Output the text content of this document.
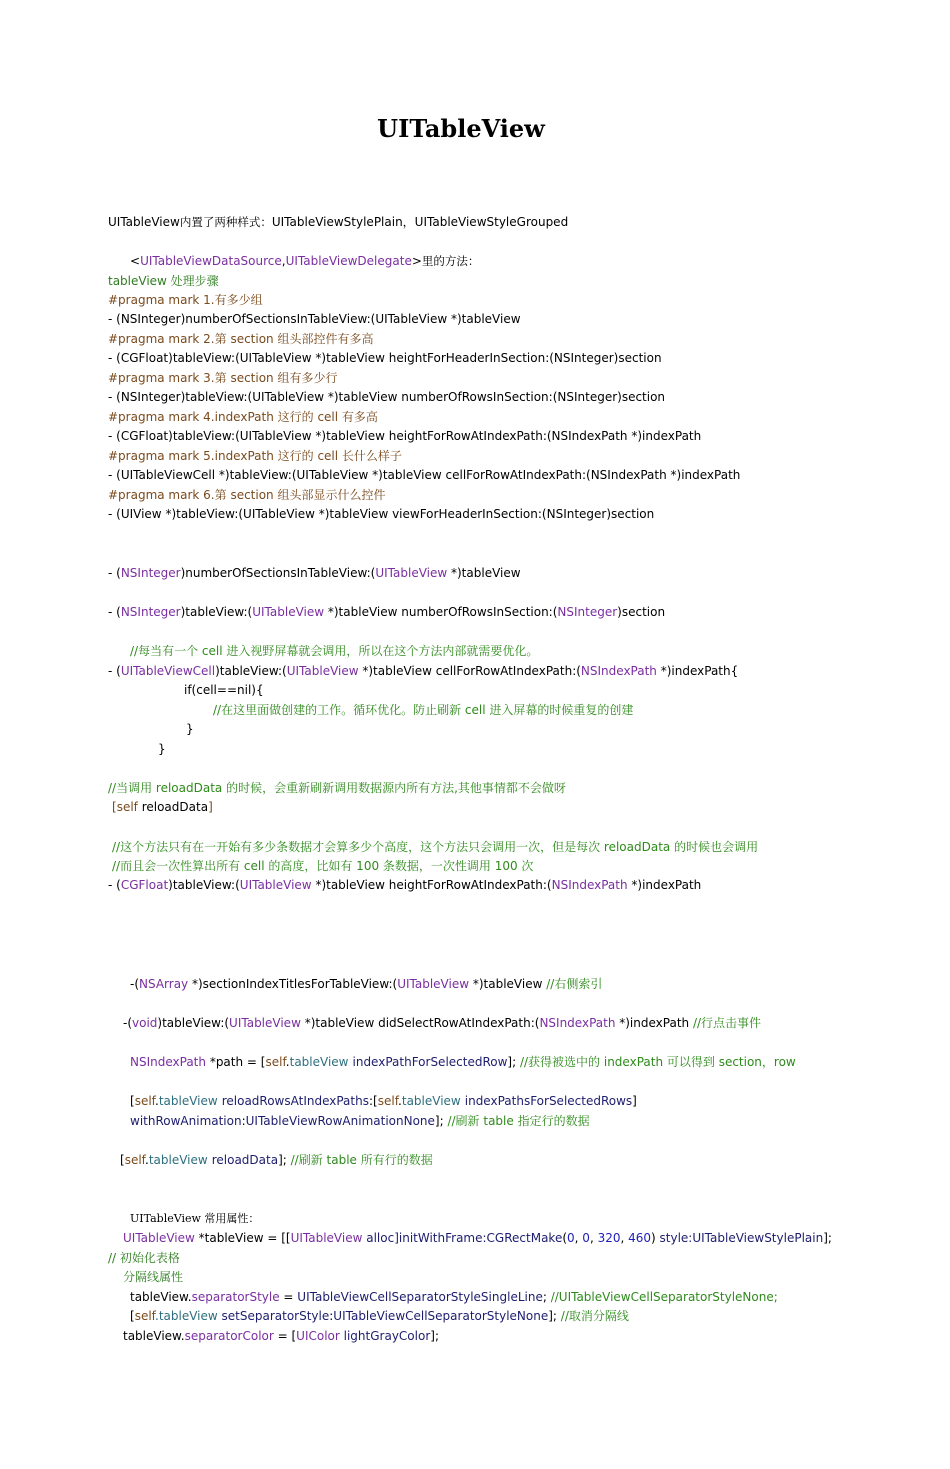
UITableView
UITableView内置了两种样式：UITableViewStylePlain，UITableViewStyleGrouped
<UITableViewDataSource,UITableViewDelegate>里的方法：
tableView 处理步骤
#pragma mark 1.有多少组
- (NSInteger)numberOfSectionsInTableView:(UITableView *)tableView
#pragma mark 2.第 section 组头部控件有多高
- (CGFloat)tableView:(UITableView *)tableView heightForHeaderInSection:(NSInteger)section
#pragma mark 3.第 section 组有多少行
- (NSInteger)tableView:(UITableView *)tableView numberOfRowsInSection:(NSInteger)section
#pragma mark 4.indexPath 这行的 cell 有多高
- (CGFloat)tableView:(UITableView *)tableView heightForRowAtIndexPath:(NSIndexPath *)indexPath
#pragma mark 5.indexPath 这行的 cell 长什么样子
- (UITableViewCell *)tableView:(UITableView *)tableView cellForRowAtIndexPath:(NSIndexPath *)indexPath
#pragma mark 6.第 section 组头部显示什么控件
- (UIView *)tableView:(UITableView *)tableView viewForHeaderInSection:(NSInteger)section
- (NSInteger)numberOfSectionsInTableView:(UITableView *)tableView
- (NSInteger)tableView:(UITableView *)tableView numberOfRowsInSection:(NSInteger)section
//每当有一个 cell 进入视野屏幕就会调用，所以在这个方法内部就需要优化。
- (UITableViewCell)tableView:(UITableView *)tableView cellForRowAtIndexPath:(NSIndexPath *)indexPath{
if(cell==nil){
//在这里面做创建的工作。循环优化。防止刷新 cell 进入屏幕的时候重复的创建
}
}
//当调用 reloadData 的时候，会重新刷新调用数据源内所有方法,其他事情都不会做呀
[self reloadData]
//这个方法只有在一开始有多少条数据才会算多少个高度，这个方法只会调用一次，但是每次 reloadData 的时候也会调用
//而且会一次性算出所有 cell 的高度，比如有 100 条数据，一次性调用 100 次
- (CGFloat)tableView:(UITableView *)tableView heightForRowAtIndexPath:(NSIndexPath *)indexPath
-(NSArray *)sectionIndexTitlesForTableView:(UITableView *)tableView //右侧索引
-(void)tableView:(UITableView *)tableView didSelectRowAtIndexPath:(NSIndexPath *)indexPath //行点击事件
NSIndexPath *path = [self.tableView indexPathForSelectedRow]; //获得被选中的 indexPath 可以得到 section，row
[self.tableView reloadRowsAtIndexPaths:[self.tableView indexPathsForSelectedRows]
withRowAnimation:UITableViewRowAnimationNone]; //刷新 table 指定行的数据
[self.tableView reloadData]; //刷新 table 所有行的数据
UITableView 常用属性：
UITableView *tableView = [[UITableView alloc]initWithFrame:CGRectMake(0, 0, 320, 460) style:UITableViewStylePlain];
// 初始化表格
分隔线属性
tableView.separatorStyle = UITableViewCellSeparatorStyleSingleLine; //UITableViewCellSeparatorStyleNone;
[self.tableView setSeparatorStyle:UITableViewCellSeparatorStyleNone]; //取消分隔线
tableView.separatorColor = [UIColor lightGrayColor];
